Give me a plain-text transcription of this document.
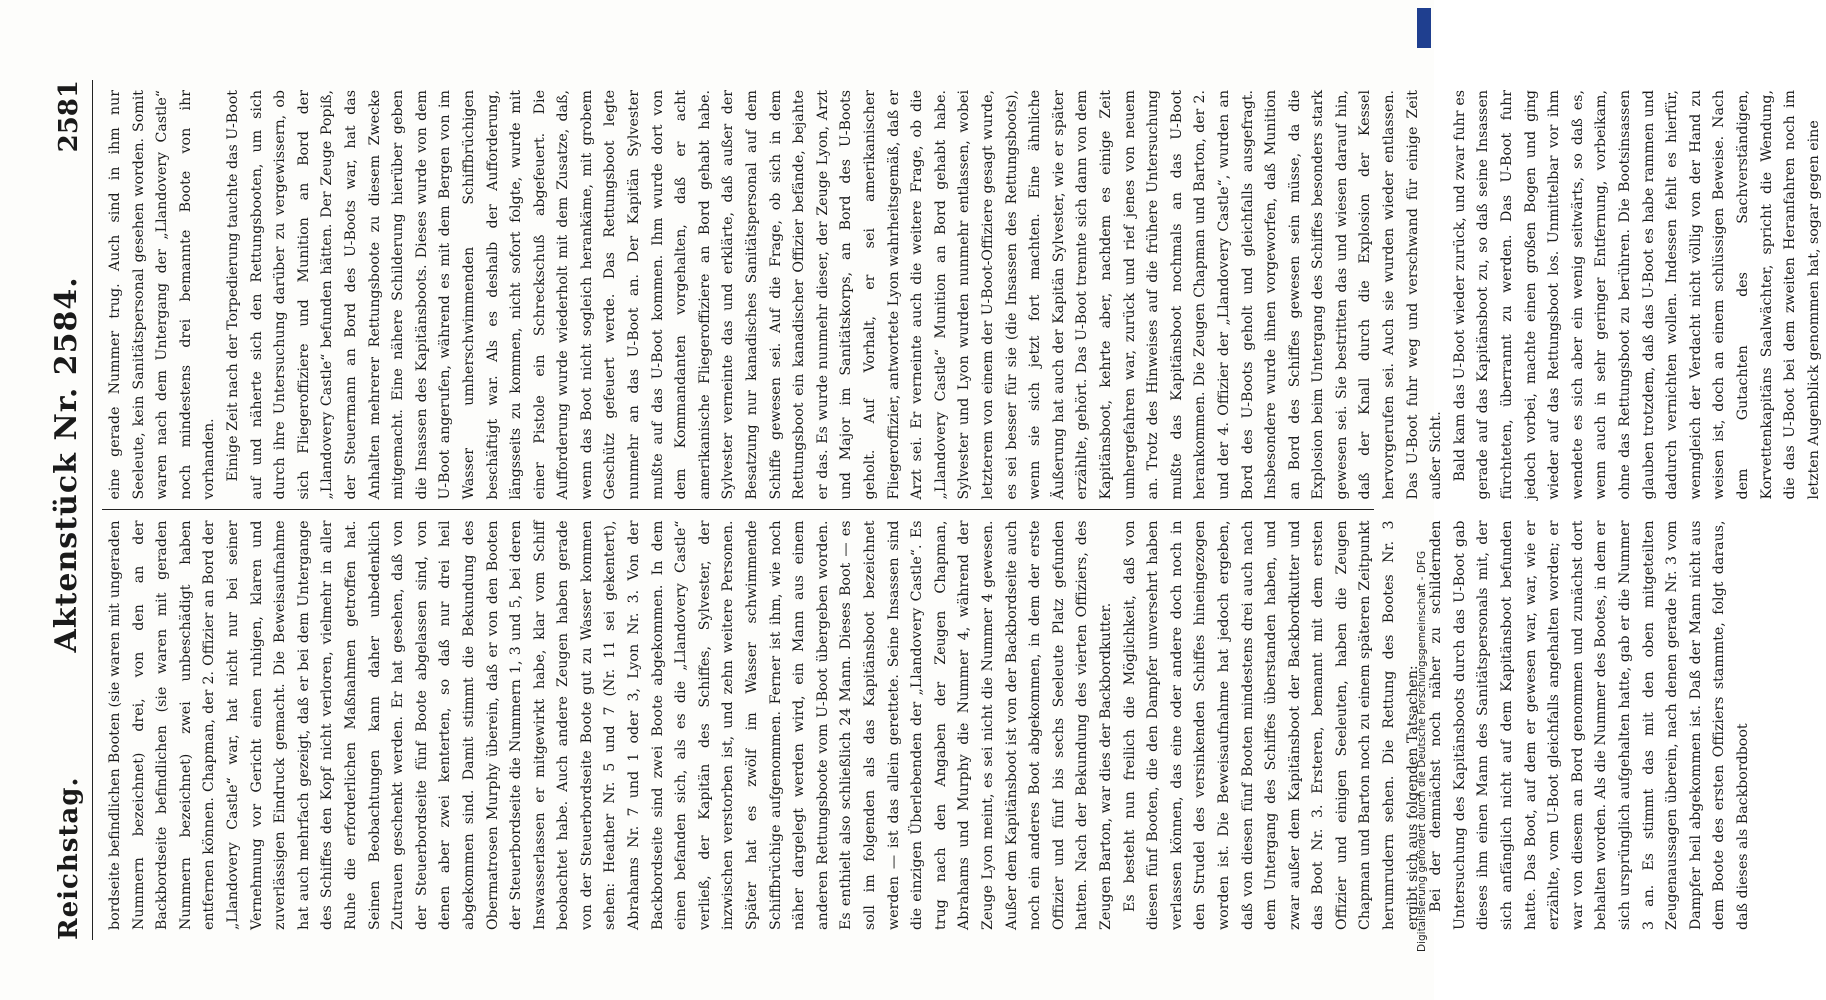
Reichstag.
Aktenstück Nr. 2584.
2581

bordseite befindlichen Booten (sie waren mit ungeraden Nummern bezeichnet) drei, von den an der Backbordseite befindlichen (sie waren mit geraden Nummern bezeichnet) zwei unbeschädigt haben entfernen können. Chapman, der 2. Offizier an Bord der „Llandovery Castle“ war, hat nicht nur bei seiner Vernehmung vor Gericht einen ruhigen, klaren und zuverlässigen Eindruck gemacht. Die Beweisaufnahme hat auch mehrfach gezeigt, daß er bei dem Untergange des Schiffes den Kopf nicht verloren, vielmehr in aller Ruhe die erforderlichen Maßnahmen getroffen hat. Seinen Beobachtungen kann daher unbedenklich Zutrauen geschenkt werden. Er hat gesehen, daß von der Steuerbordseite fünf Boote abgelassen sind, von denen aber zwei kenterten, so daß nur drei heil abgekommen sind. Damit stimmt die Bekundung des Obermatrosen Murphy überein, daß er von den Booten der Steuerbordseite die Nummern 1, 3 und 5, bei deren Inswasserlassen er mitgewirkt habe, klar vom Schiff beobachtet habe. Auch andere Zeugen haben gerade von der Steuerbordseite Boote gut zu Wasser kommen sehen: Heather Nr. 5 und 7 (Nr. 11 sei gekentert), Abrahams Nr. 7 und 1 oder 3, Lyon Nr. 3. Von der Backbordseite sind zwei Boote abgekommen. In dem einen befanden sich, als es die „Llandovery Castle“ verließ, der Kapitän des Schiffes, Sylvester, der inzwischen verstorben ist, und zehn weitere Personen. Später hat es zwölf im Wasser schwimmende Schiffbrüchige aufgenommen. Ferner ist ihm, wie noch näher dargelegt werden wird, ein Mann aus einem anderen Rettungsboote vom U-Boot übergeben worden. Es enthielt also schließlich 24 Mann. Dieses Boot — es soll im folgenden als das Kapitänsboot bezeichnet werden — ist das allein gerettete. Seine Insassen sind die einzigen Überlebenden der „Llandovery Castle“. Es trug nach den Angaben der Zeugen Chapman, Abrahams und Murphy die Nummer 4, während der Zeuge Lyon meint, es sei nicht die Nummer 4 gewesen. Außer dem Kapitänsboot ist von der Backbordseite auch noch ein anderes Boot abgekommen, in dem der erste Offizier und fünf bis sechs Seeleute Platz gefunden hatten. Nach der Bekundung des vierten Offiziers, des Zeugen Barton, war dies der Backbordkutter. Es besteht nun freilich die Möglichkeit, daß von diesen fünf Booten, die den Dampfer unversehrt haben verlassen können, das eine oder andere doch noch in den Strudel des versinkenden Schiffes hineingezogen worden ist. Die Beweisaufnahme hat jedoch ergeben, daß von diesen fünf Booten mindestens drei auch nach dem Untergang des Schiffes überstanden haben, und zwar außer dem Kapitänsboot der Backbordkutter und das Boot Nr. 3. Ersteren, bemannt mit dem ersten Offizier und einigen Seeleuten, haben die Zeugen Chapman und Barton noch zu einem späteren Zeitpunkt herumrudern sehen. Die Rettung des Bootes Nr. 3 ergibt sich aus folgenden Tatsachen: Bei der demnächst noch näher zu schildernden Untersuchung des Kapitänsboots durch das U-Boot gab dieses ihm einen Mann des Sanitätspersonals mit, der sich anfänglich nicht auf dem Kapitänsboot befunden hatte. Das Boot, auf dem er gewesen war, war, wie er erzählte, vom U-Boot gleichfalls angehalten worden; er war von diesem an Bord genommen und zunächst dort behalten worden. Als die Nummer des Bootes, in dem er sich ursprünglich aufgehalten hatte, gab er die Nummer 3 an. Es stimmt das mit den oben mitgeteilten Zeugenaussagen überein, nach denen gerade Nr. 3 vom Dampfer heil abgekommen ist. Daß der Mann nicht aus dem Boote des ersten Offiziers stammte, folgt daraus, daß dieses als Backbordboot

eine gerade Nummer trug. Auch sind in ihm nur Seeleute, kein Sanitätspersonal gesehen worden. Somit waren nach dem Untergang der „Llandovery Castle“ noch mindestens drei bemannte Boote von ihr vorhanden. Einige Zeit nach der Torpedierung tauchte das U-Boot auf und näherte sich den Rettungsbooten, um sich durch ihre Untersuchung darüber zu vergewissern, ob sich Fliegeroffiziere und Munition an Bord der „Llandovery Castle“ befunden hätten. Der Zeuge Popiß, der Steuermann an Bord des U-Boots war, hat das Anhalten mehrerer Rettungsboote zu diesem Zwecke mitgemacht. Eine nähere Schilderung hierüber geben die Insassen des Kapitänsboots. Dieses wurde von dem U-Boot angerufen, während es mit dem Bergen von im Wasser umherschwimmenden Schiffbrüchigen beschäftigt war. Als es deshalb der Aufforderung, längsseits zu kommen, nicht sofort folgte, wurde mit einer Pistole ein Schreckschuß abgefeuert. Die Aufforderung wurde wiederholt mit dem Zusatze, daß, wenn das Boot nicht sogleich herankäme, mit grobem Geschütz gefeuert werde. Das Rettungsboot legte nunmehr an das U-Boot an. Der Kapitän Sylvester mußte auf das U-Boot kommen. Ihm wurde dort von dem Kommandanten vorgehalten, daß er acht amerikanische Fliegeroffiziere an Bord gehabt habe. Sylvester verneinte das und erklärte, daß außer der Besatzung nur kanadisches Sanitätspersonal auf dem Schiffe gewesen sei. Auf die Frage, ob sich in dem Rettungsboot ein kanadischer Offizier befände, bejahte er das. Es wurde nunmehr dieser, der Zeuge Lyon, Arzt und Major im Sanitätskorps, an Bord des U-Boots geholt. Auf Vorhalt, er sei amerikanischer Fliegeroffizier, antwortete Lyon wahrheitsgemäß, daß er Arzt sei. Er verneinte auch die weitere Frage, ob die „Llandovery Castle“ Munition an Bord gehabt habe. Sylvester und Lyon wurden nunmehr entlassen, wobei letzterem von einem der U-Boot-Offiziere gesagt wurde, es sei besser für sie (die Insassen des Rettungsboots), wenn sie sich jetzt fort machten. Eine ähnliche Äußerung hat auch der Kapitän Sylvester, wie er später erzählte, gehört. Das U-Boot trennte sich dann von dem Kapitänsboot, kehrte aber, nachdem es einige Zeit umhergefahren war, zurück und rief jenes von neuem an. Trotz des Hinweises auf die frühere Untersuchung mußte das Kapitänsboot nochmals an das U-Boot herankommen. Die Zeugen Chapman und Barton, der 2. und der 4. Offizier der „Llandovery Castle“, wurden an Bord des U-Boots geholt und gleichfalls ausgefragt. Insbesondere wurde ihnen vorgeworfen, daß Munition an Bord des Schiffes gewesen sein müsse, da die Explosion beim Untergang des Schiffes besonders stark gewesen sei. Sie bestritten das und wiesen darauf hin, daß der Knall durch die Explosion der Kessel hervorgerufen sei. Auch sie wurden wieder entlassen. Das U-Boot fuhr weg und verschwand für einige Zeit außer Sicht. Bald kam das U-Boot wieder zurück, und zwar fuhr es gerade auf das Kapitänsboot zu, so daß seine Insassen fürchteten, überrannt zu werden. Das U-Boot fuhr jedoch vorbei, machte einen großen Bogen und ging wieder auf das Rettungsboot los. Unmittelbar vor ihm wendete es sich aber ein wenig seitwärts, so daß es, wenn auch in sehr geringer Entfernung, vorbeikam, ohne das Rettungsboot zu berühren. Die Bootsinsassen glauben trotzdem, daß das U-Boot es habe rammen und dadurch vernichten wollen. Indessen fehlt es hierfür, wenngleich der Verdacht nicht völlig von der Hand zu weisen ist, doch an einem schlüssigen Beweise. Nach dem Gutachten des Sachverständigen, Korvettenkapitäns Saalwächter, spricht die Wendung, die das U-Boot bei dem zweiten Heranfahren noch im letzten Augenblick genommen hat, sogar gegen eine

Digitalisierung gefördert durch die Deutsche Forschungsgemeinschaft - DFG
